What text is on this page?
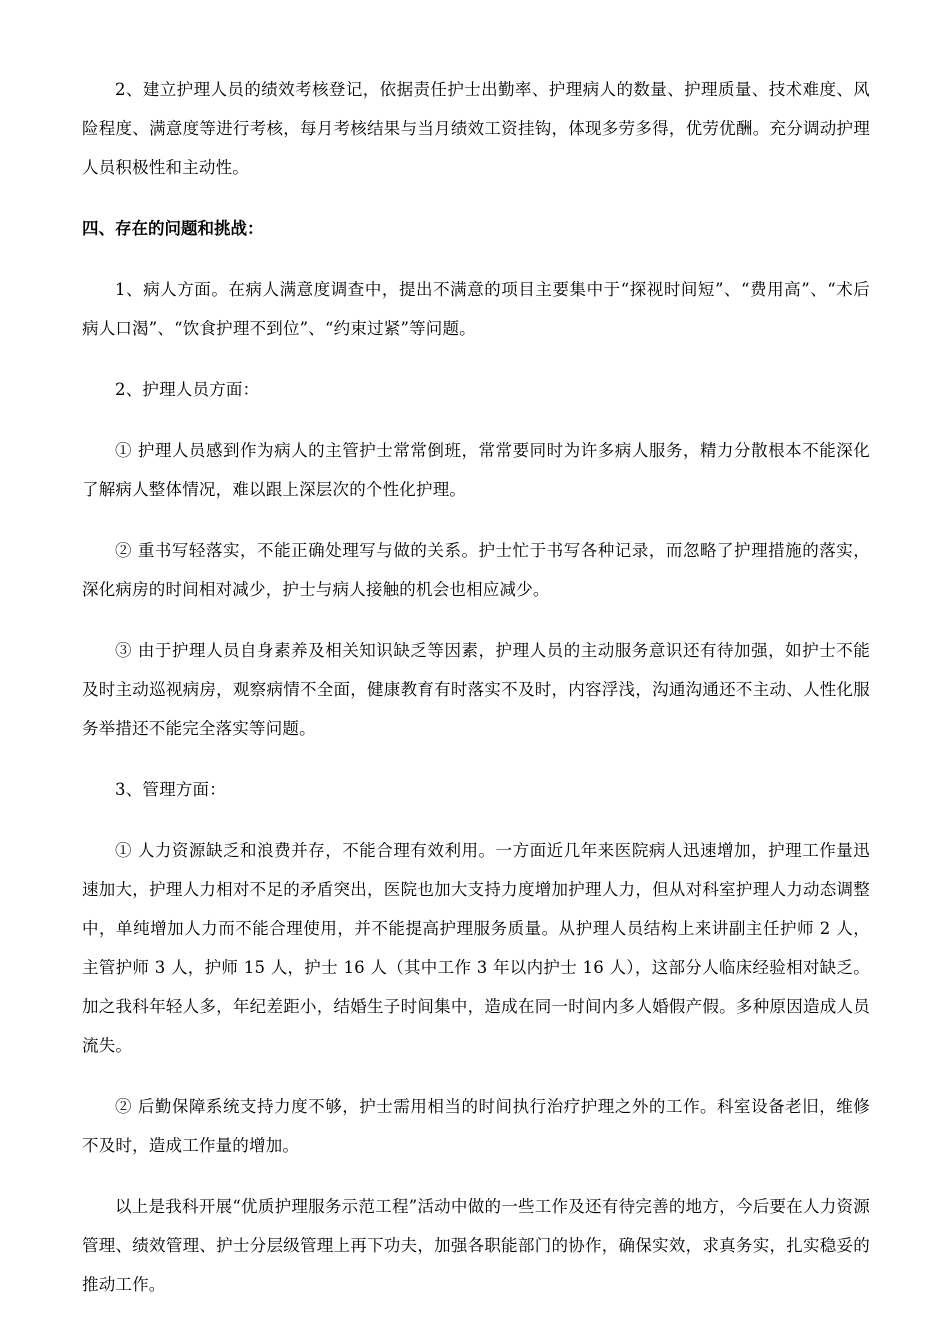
2、建立护理人员的绩效考核登记，依据责任护士出勤率、护理病人的数量、护理质量、技术难度、风险程度、满意度等进行考核，每月考核结果与当月绩效工资挂钩，体现多劳多得，优劳优酬。充分调动护理人员积极性和主动性。

四、存在的问题和挑战：

1、病人方面。在病人满意度调查中，提出不满意的项目主要集中于“探视时间短”、“费用高”、“术后病人口渴”、“饮食护理不到位”、“约束过紧”等问题。

2、护理人员方面：

① 护理人员感到作为病人的主管护士常常倒班，常常要同时为许多病人服务，精力分散根本不能深化了解病人整体情况，难以跟上深层次的个性化护理。

② 重书写轻落实，不能正确处理写与做的关系。护士忙于书写各种记录，而忽略了护理措施的落实，深化病房的时间相对减少，护士与病人接触的机会也相应减少。

③ 由于护理人员自身素养及相关知识缺乏等因素，护理人员的主动服务意识还有待加强，如护士不能及时主动巡视病房，观察病情不全面，健康教育有时落实不及时，内容浮浅，沟通沟通还不主动、人性化服务举措还不能完全落实等问题。

3、管理方面：

① 人力资源缺乏和浪费并存，不能合理有效利用。一方面近几年来医院病人迅速增加，护理工作量迅速加大，护理人力相对不足的矛盾突出，医院也加大支持力度增加护理人力，但从对科室护理人力动态调整中，单纯增加人力而不能合理使用，并不能提高护理服务质量。从护理人员结构上来讲副主任护师 2 人，主管护师 3 人，护师 15 人，护士 16 人（其中工作 3 年以内护士 16 人），这部分人临床经验相对缺乏。加之我科年轻人多，年纪差距小，结婚生子时间集中，造成在同一时间内多人婚假产假。多种原因造成人员流失。

② 后勤保障系统支持力度不够，护士需用相当的时间执行治疗护理之外的工作。科室设备老旧，维修不及时，造成工作量的增加。

以上是我科开展“优质护理服务示范工程”活动中做的一些工作及还有待完善的地方，今后要在人力资源管理、绩效管理、护士分层级管理上再下功夫，加强各职能部门的协作，确保实效，求真务实，扎实稳妥的推动工作。
